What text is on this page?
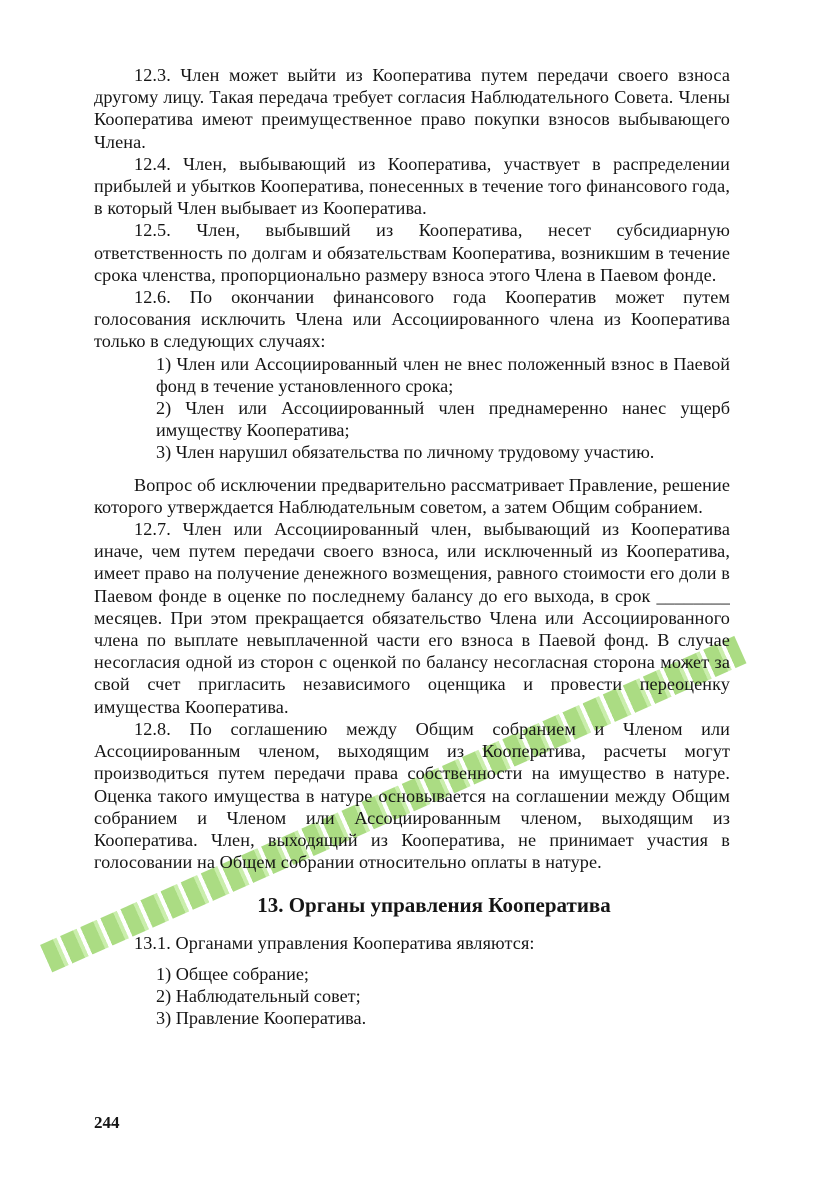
12.3. Член может выйти из Кооператива путем передачи своего взноса другому лицу. Такая передача требует согласия Наблюдательного Совета. Члены Кооператива имеют преимущественное право покупки взносов выбывающего Члена.

12.4. Член, выбывающий из Кооператива, участвует в распределении прибылей и убытков Кооператива, понесенных в течение того финансового года, в который Член выбывает из Кооператива.

12.5. Член, выбывший из Кооператива, несет субсидиарную ответственность по долгам и обязательствам Кооператива, возникшим в течение срока членства, пропорционально размеру взноса этого Члена в Паевом фонде.

12.6. По окончании финансового года Кооператив может путем голосования исключить Члена или Ассоциированного члена из Кооператива только в следующих случаях:

1) Член или Ассоциированный член не внес положенный взнос в Паевой фонд в течение установленного срока;
2) Член или Ассоциированный член преднамеренно нанес ущерб имуществу Кооператива;
3) Член нарушил обязательства по личному трудовому участию.

Вопрос об исключении предварительно рассматривает Правление, решение которого утверждается Наблюдательным советом, а затем Общим собранием.

12.7. Член или Ассоциированный член, выбывающий из Кооператива иначе, чем путем передачи своего взноса, или исключенный из Кооператива, имеет право на получение денежного возмещения, равного стоимости его доли в Паевом фонде в оценке по последнему балансу до его выхода, в срок ________ месяцев. При этом прекращается обязательство Члена или Ассоциированного члена по выплате невыплаченной части его взноса в Паевой фонд. В случае несогласия одной из сторон с оценкой по балансу несогласная сторона может за свой счет пригласить независимого оценщика и провести переоценку имущества Кооператива.

12.8. По соглашению между Общим собранием и Членом или Ассоциированным членом, выходящим из Кооператива, расчеты могут производиться путем передачи права собственности на имущество в натуре. Оценка такого имущества в натуре основывается на соглашении между Общим собранием и Членом или Ассоциированным членом, выходящим из Кооператива. Член, выходящий из Кооператива, не принимает участия в голосовании на Общем собрании относительно оплаты в натуре.

13. Органы управления Кооператива

13.1. Органами управления Кооператива являются:

1) Общее собрание;
2) Наблюдательный совет;
3) Правление Кооператива.
244
